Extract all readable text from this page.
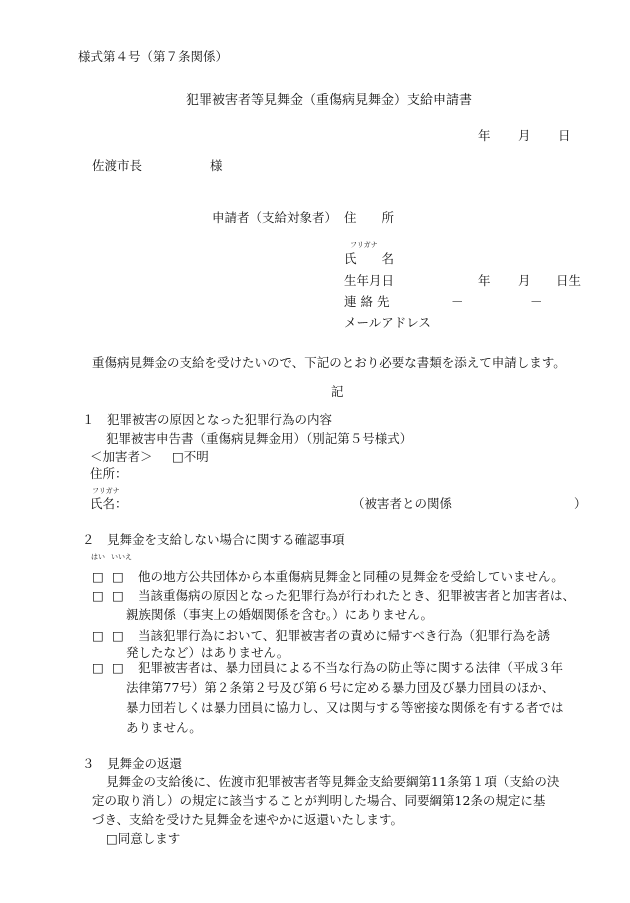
様式第４号（第７条関係）
犯罪被害者等見舞金（重傷病見舞金）支給申請書
年 月 日
佐渡市長	様
申請者（支給対象者） 住　　所
フリガナ
氏　　名
生年月日	年 月 日生
連 絡 先	－	－
メールアドレス
重傷病見舞金の支給を受けたいので、下記のとおり必要な書類を添えて申請します。
記
１　犯罪被害の原因となった犯罪行為の内容
犯罪被害申告書（重傷病見舞金用）（別記第５号様式）
＜加害者＞ □不明
住所：
フリガナ
氏名：	（被害者との関係	）
２　見舞金を支給しない場合に関する確認事項
はい いいえ
□ □ 他の地方公共団体から本重傷病見舞金と同種の見舞金を受給していません。
□ □ 当該重傷病の原因となった犯罪行為が行われたとき、犯罪被害者と加害者は、
親族関係（事実上の婚姻関係を含む。）にありません。
□ □ 当該犯罪行為において、犯罪被害者の責めに帰すべき行為（犯罪行為を誘
発したなど）はありません。
□ □ 犯罪被害者は、暴力団員による不当な行為の防止等に関する法律（平成３年
法律第77号）第２条第２号及び第６号に定める暴力団及び暴力団員のほか、
暴力団若しくは暴力団員に協力し、又は関与する等密接な関係を有する者では
ありません。
３　見舞金の返還
見舞金の支給後に、佐渡市犯罪被害者等見舞金支給要綱第11条第１項（支給の決
定の取り消し）の規定に該当することが判明した場合、同要綱第12条の規定に基
づき、支給を受けた見舞金を速やかに返還いたします。
□同意します
